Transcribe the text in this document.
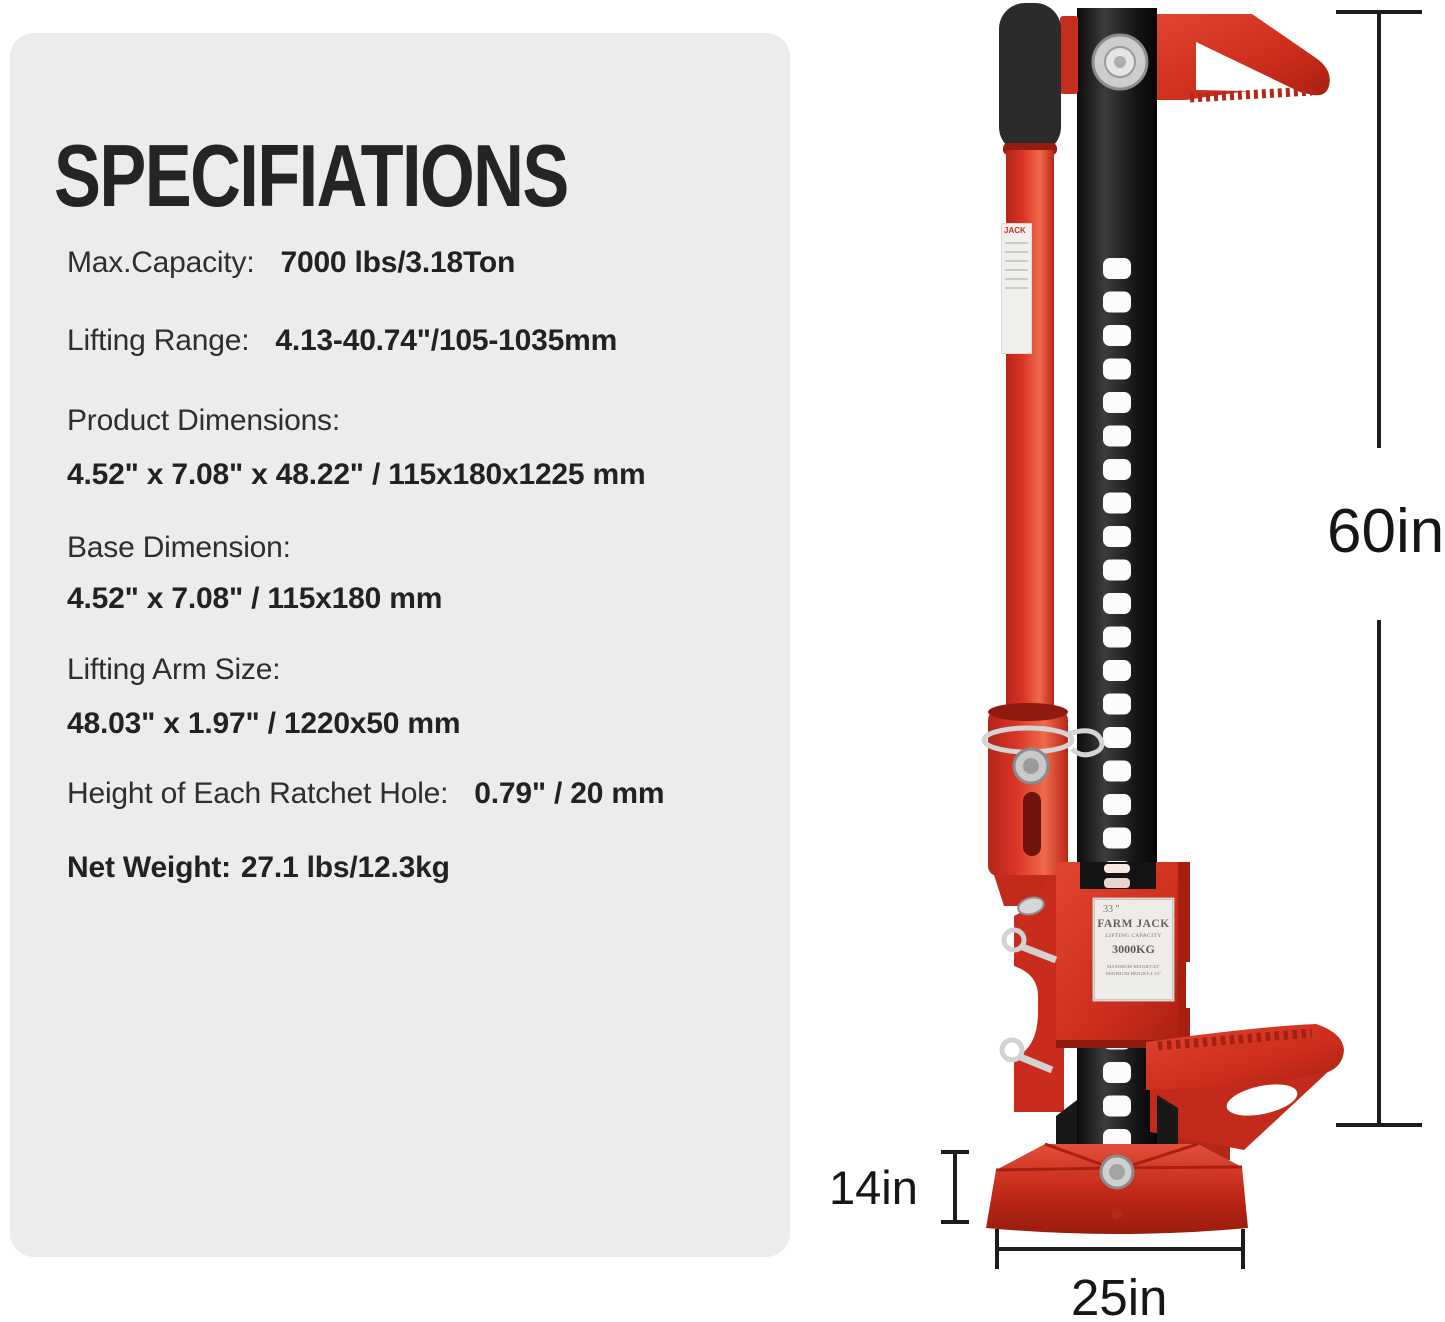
SPECIFIATIONS
Max.Capacity: 7000 lbs/3.18Ton
Lifting Range: 4.13-40.74"/105-1035mm
Product Dimensions:
4.52" x 7.08" x 48.22" / 115x180x1225 mm
Base Dimension:
4.52" x 7.08" / 115x180 mm
Lifting Arm Size:
48.03" x 1.97" / 1220x50 mm
Height of Each Ratchet Hole: 0.79" / 20 mm
Net Weight: 27.1 lbs/12.3kg
60in
14in
25in
33 "
FARM JACK
LIFTING CAPACITY
3000KG
MAXIMUM HEIGHT:33"
MINIMUM HEIGHT:4.13"
JACK
